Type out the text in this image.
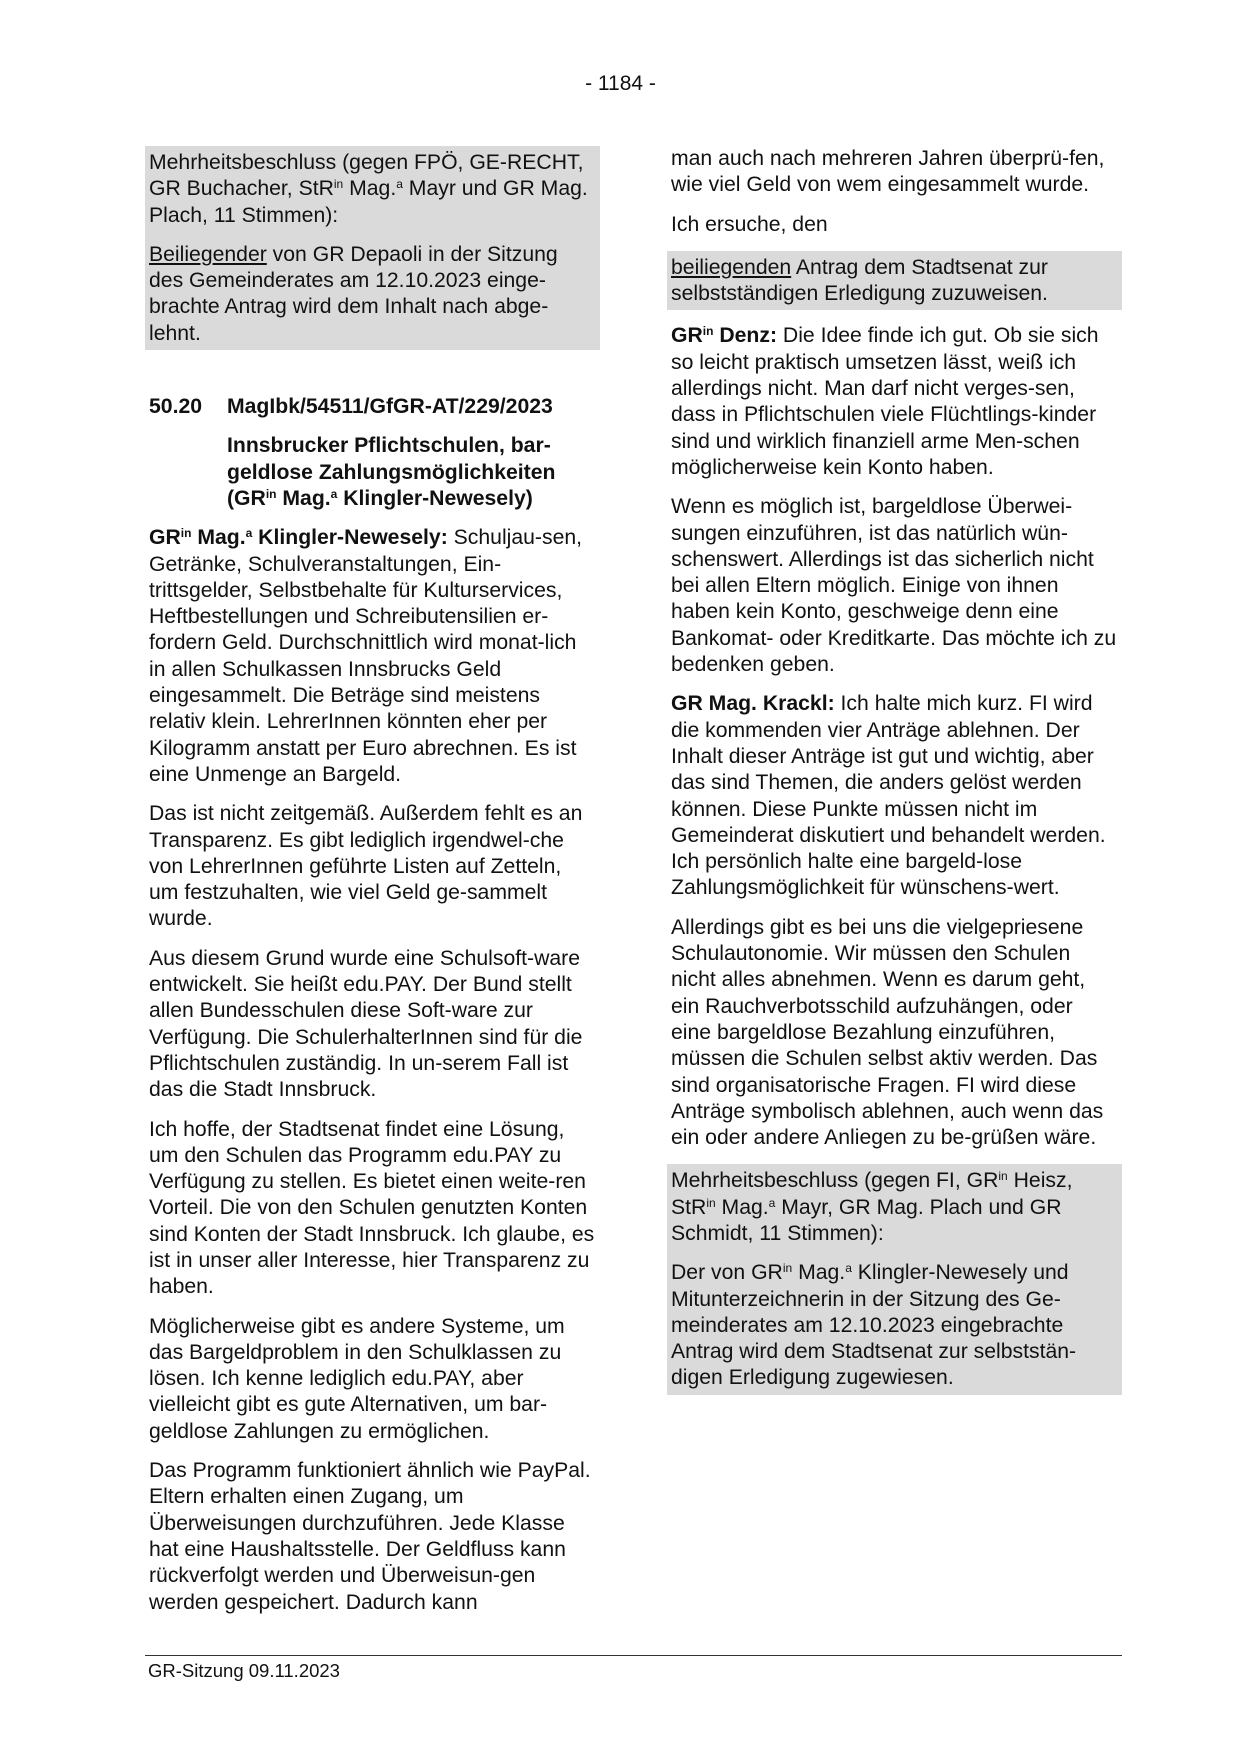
- 1184 -

Mehrheitsbeschluss (gegen FPÖ, GE-RECHT, GR Buchacher, StR$^{in}$ Mag.$^a$ Mayr und GR Mag. Plach, 11 Stimmen):

Beiliegender von GR Depaoli in der Sitzung des Gemeinderates am 12.10.2023 einge-brachte Antrag wird dem Inhalt nach abge-lehnt.

50.20	MagIbk/54511/GfGR-AT/229/2023

Innsbrucker Pflichtschulen, bar-geldlose Zahlungsmöglichkeiten ($GR^{in}$ Mag.$^a$ Klingler-Newesely)

$GR^{in}$ Mag.$^a$ Klingler-Newesely: Schuljau-sen, Getränke, Schulveranstaltungen, Ein-trittsgelder, Selbstbehalte für Kulturservices, Heftbestellungen und Schreibutensilien er-fordern Geld. Durchschnittlich wird monat-lich in allen Schulkassen Innsbrucks Geld eingesammelt. Die Beträge sind meistens relativ klein. LehrerInnen könnten eher per Kilogramm anstatt per Euro abrechnen. Es ist eine Unmenge an Bargeld.

Das ist nicht zeitgemäß. Außerdem fehlt es an Transparenz. Es gibt lediglich irgendwel-che von LehrerInnen geführte Listen auf Zetteln, um festzuhalten, wie viel Geld ge-sammelt wurde.

Aus diesem Grund wurde eine Schulsoft-ware entwickelt. Sie heißt edu.PAY. Der Bund stellt allen Bundesschulen diese Soft-ware zur Verfügung. Die SchulerhalterInnen sind für die Pflichtschulen zuständig. In un-serem Fall ist das die Stadt Innsbruck.

Ich hoffe, der Stadtsenat findet eine Lösung, um den Schulen das Programm edu.PAY zu Verfügung zu stellen. Es bietet einen weite-ren Vorteil. Die von den Schulen genutzten Konten sind Konten der Stadt Innsbruck. Ich glaube, es ist in unser aller Interesse, hier Transparenz zu haben.

Möglicherweise gibt es andere Systeme, um das Bargeldproblem in den Schulklassen zu lösen. Ich kenne lediglich edu.PAY, aber vielleicht gibt es gute Alternativen, um bar-geldlose Zahlungen zu ermöglichen.

Das Programm funktioniert ähnlich wie PayPal. Eltern erhalten einen Zugang, um Überweisungen durchzuführen. Jede Klasse hat eine Haushaltsstelle. Der Geldfluss kann rückverfolgt werden und Überweisun-gen werden gespeichert. Dadurch kann

man auch nach mehreren Jahren überprü-fen, wie viel Geld von wem eingesammelt wurde.

Ich ersuche, den

beiliegenden Antrag dem Stadtsenat zur selbstständigen Erledigung zuzuweisen.

$GR^{in}$ Denz: Die Idee finde ich gut. Ob sie sich so leicht praktisch umsetzen lässt, weiß ich allerdings nicht. Man darf nicht verges-sen, dass in Pflichtschulen viele Flüchtlings-kinder sind und wirklich finanziell arme Men-schen möglicherweise kein Konto haben.

Wenn es möglich ist, bargeldlose Überwei-sungen einzuführen, ist das natürlich wün-schenswert. Allerdings ist das sicherlich nicht bei allen Eltern möglich. Einige von ihnen haben kein Konto, geschweige denn eine Bankomat- oder Kreditkarte. Das möchte ich zu bedenken geben.

GR Mag. Krackl: Ich halte mich kurz. FI wird die kommenden vier Anträge ablehnen. Der Inhalt dieser Anträge ist gut und wichtig, aber das sind Themen, die anders gelöst werden können. Diese Punkte müssen nicht im Gemeinderat diskutiert und behandelt werden. Ich persönlich halte eine bargeld-lose Zahlungsmöglichkeit für wünschens-wert.

Allerdings gibt es bei uns die vielgepriesene Schulautonomie. Wir müssen den Schulen nicht alles abnehmen. Wenn es darum geht, ein Rauchverbotsschild aufzuhängen, oder eine bargeldlose Bezahlung einzuführen, müssen die Schulen selbst aktiv werden. Das sind organisatorische Fragen. FI wird diese Anträge symbolisch ablehnen, auch wenn das ein oder andere Anliegen zu be-grüßen wäre.

Mehrheitsbeschluss (gegen FI, $GR^{in}$ Heisz, StR$^{in}$ Mag.$^a$ Mayr, GR Mag. Plach und GR Schmidt, 11 Stimmen):

Der von $GR^{in}$ Mag.$^a$ Klingler-Newesely und Mitunterzeichnerin in der Sitzung des Ge-meinderates am 12.10.2023 eingebrachte Antrag wird dem Stadtsenat zur selbststän-digen Erledigung zugewiesen.

GR-Sitzung 09.11.2023
